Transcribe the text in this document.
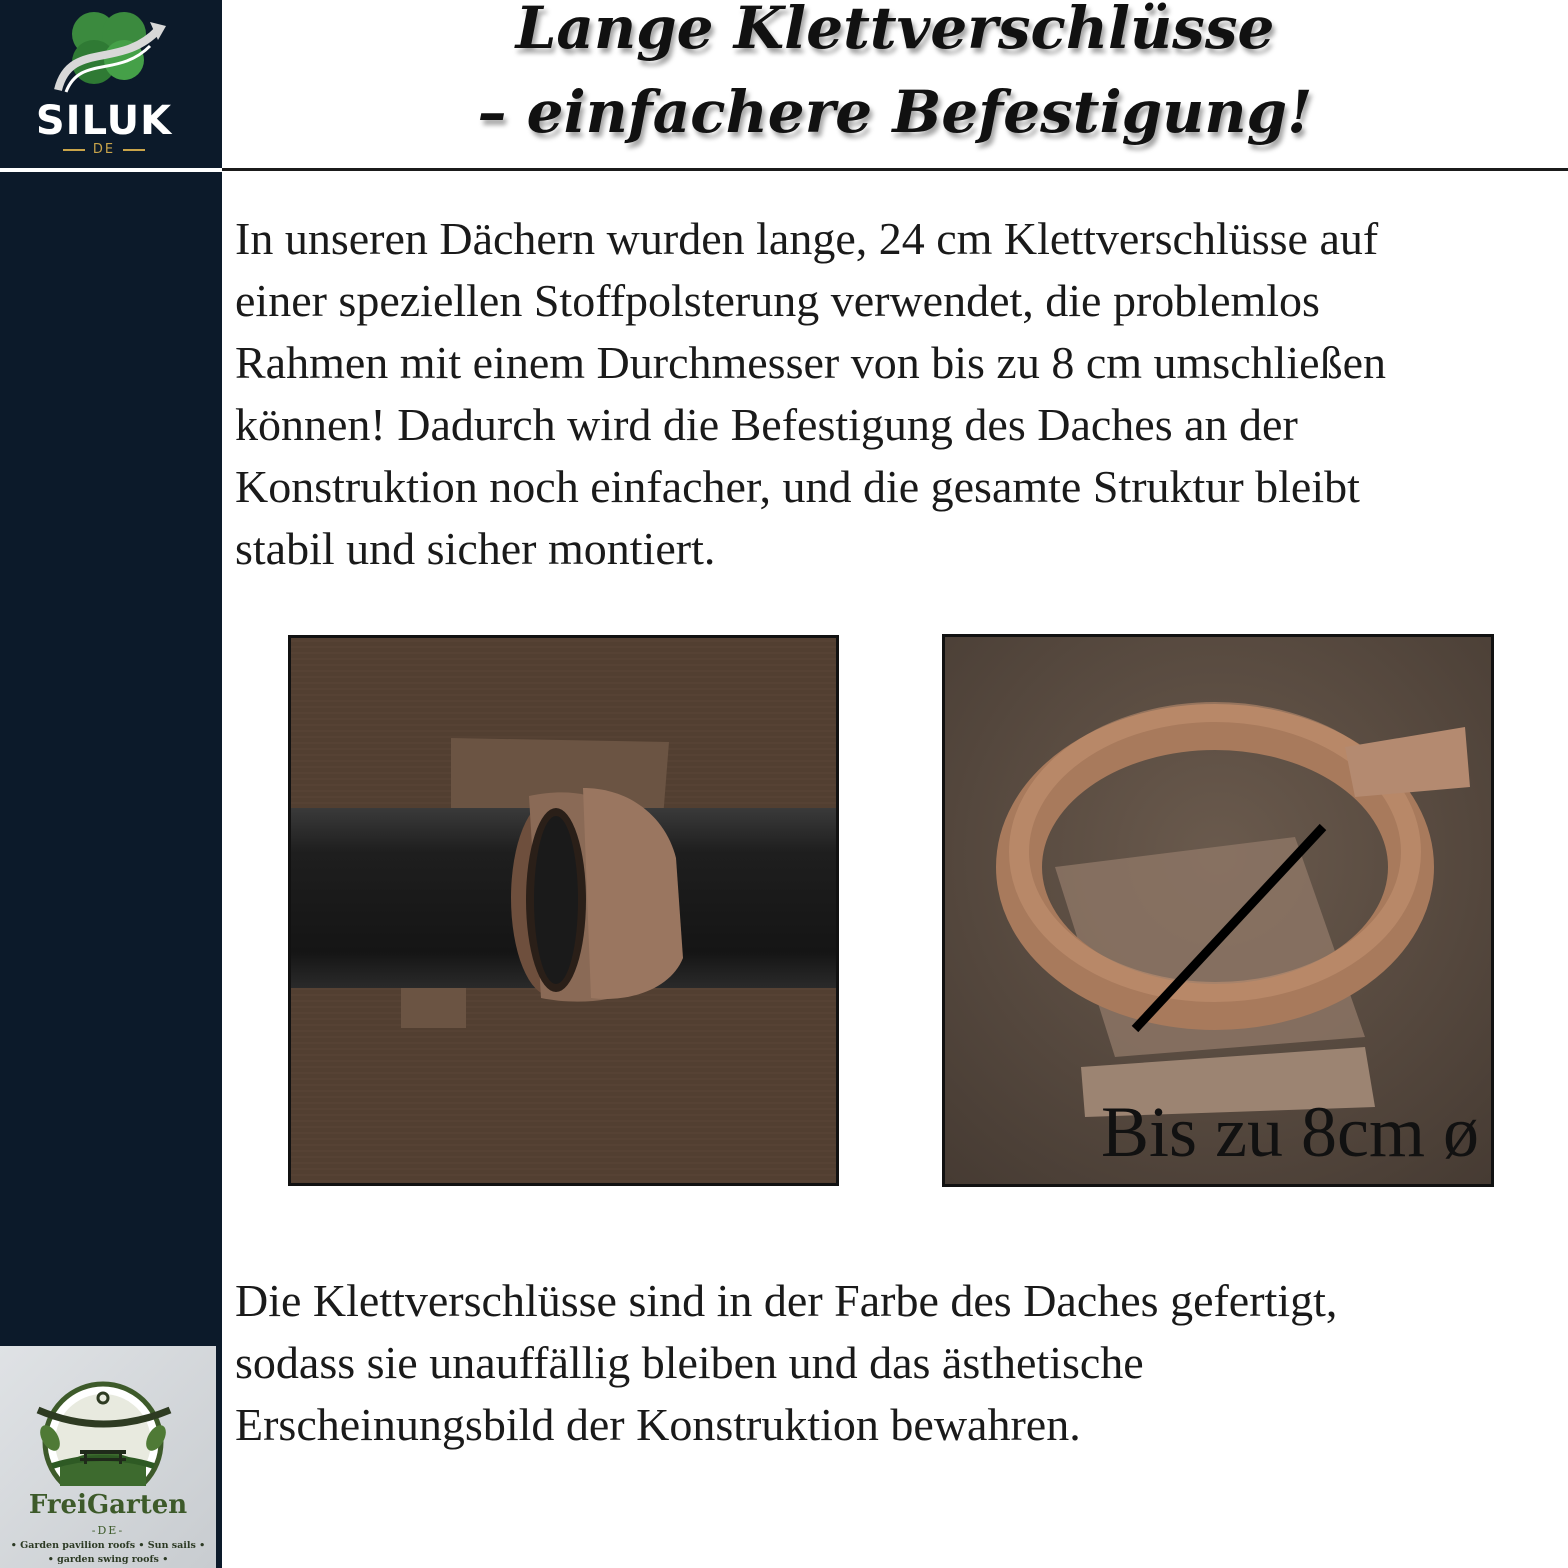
SILUK
DE
FreiGarten
-DE-
• Garden pavilion roofs • Sun sails •
• garden swing roofs •
Lange Klettverschlüsse
– einfachere Befestigung!
In unseren Dächern wurden lange, 24 cm Klettverschlüsse auf
einer speziellen Stoffpolsterung verwendet, die problemlos
Rahmen mit einem Durchmesser von bis zu 8 cm umschließen
können! Dadurch wird die Befestigung des Daches an der
Konstruktion noch einfacher, und die gesamte Struktur bleibt
stabil und sicher montiert.
Bis zu 8cm ø
Die Klettverschlüsse sind in der Farbe des Daches gefertigt,
sodass sie unauffällig bleiben und das ästhetische
Erscheinungsbild der Konstruktion bewahren.
